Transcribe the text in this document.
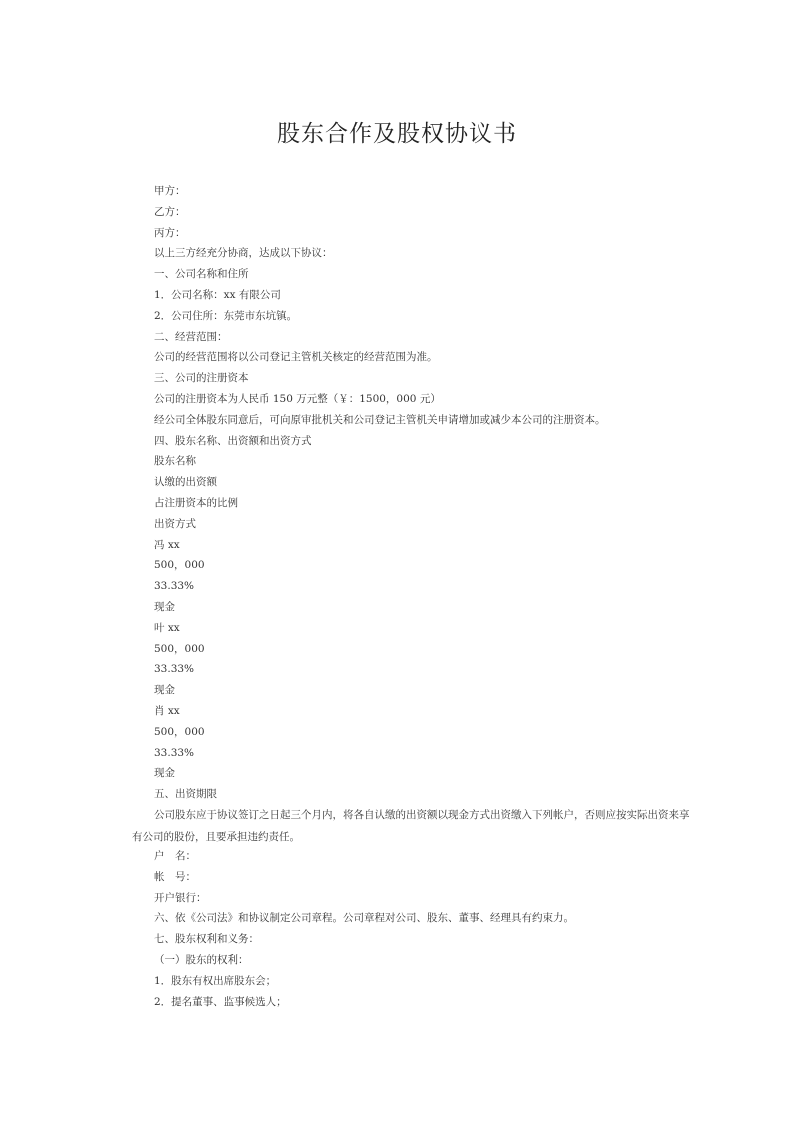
股东合作及股权协议书
甲方：
乙方：
丙方：
以上三方经充分协商，达成以下协议：
一、公司名称和住所
1．公司名称：xx 有限公司
2．公司住所：东莞市东坑镇。
二、经营范围：
公司的经营范围将以公司登记主管机关核定的经营范围为准。
三、公司的注册资本
公司的注册资本为人民币 150 万元整（￥：1500，000 元）
经公司全体股东同意后，可向原审批机关和公司登记主管机关申请增加或减少本公司的注册资本。
四、股东名称、出资额和出资方式
股东名称
认缴的出资额
占注册资本的比例
出资方式
冯 xx
500，000
33.33%
现金
叶 xx
500，000
33.33%
现金
肖 xx
500，000
33.33%
现金
五、出资期限
公司股东应于协议签订之日起三个月内，将各自认缴的出资额以现金方式出资缴入下列帐户，否则应按实际出资来享有公司的股份，且要承担违约责任。
户　名：
帐　号：
开户银行：
六、依《公司法》和协议制定公司章程。公司章程对公司、股东、董事、经理具有约束力。
七、股东权利和义务：
（一）股东的权利：
1．股东有权出席股东会；
2．提名董事、监事候选人；
